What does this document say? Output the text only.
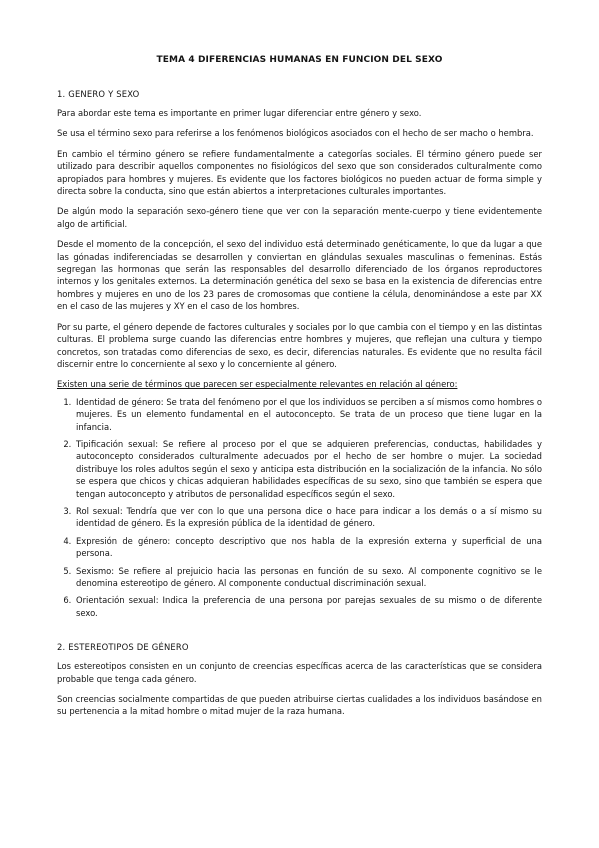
TEMA 4 DIFERENCIAS HUMANAS EN FUNCION DEL SEXO
1. GENERO Y SEXO

Para abordar este tema es importante en primer lugar diferenciar entre género y sexo.

Se usa el término sexo para referirse a los fenómenos biológicos asociados con el hecho de ser macho o hembra.

En cambio el término género se refiere fundamentalmente a categorías sociales. El término género puede ser utilizado para describir aquellos componentes no fisiológicos del sexo que son considerados culturalmente como apropiados para hombres y mujeres. Es evidente que los factores biológicos no pueden actuar de forma simple y directa sobre la conducta, sino que están abiertos a interpretaciones culturales importantes.

De algún modo la separación sexo-género tiene que ver con la separación mente-cuerpo y tiene evidentemente algo de artificial.

Desde el momento de la concepción, el sexo del individuo está determinado genéticamente, lo que da lugar a que las gónadas indiferenciadas se desarrollen y conviertan en glándulas sexuales masculinas o femeninas. Estás segregan las hormonas que serán las responsables del desarrollo diferenciado de los órganos reproductores internos y los genitales externos. La determinación genética del sexo se basa en la existencia de diferencias entre hombres y mujeres en uno de los 23 pares de cromosomas que contiene la célula, denominándose a este par XX en el caso de las mujeres y XY en el caso de los hombres.

Por su parte, el género depende de factores culturales y sociales por lo que cambia con el tiempo y en las distintas culturas. El problema surge cuando las diferencias entre hombres y mujeres, que reflejan una cultura y tiempo concretos, son tratadas como diferencias de sexo, es decir, diferencias naturales. Es evidente que no resulta fácil discernir entre lo concerniente al sexo y lo concerniente al género.

Existen una serie de términos que parecen ser especialmente relevantes en relación al género:

1. Identidad de género: Se trata del fenómeno por el que los individuos se perciben a sí mismos como hombres o mujeres. Es un elemento fundamental en el autoconcepto. Se trata de un proceso que tiene lugar en la infancia.
2. Tipificación sexual: Se refiere al proceso por el que se adquieren preferencias, conductas, habilidades y autoconcepto considerados culturalmente adecuados por el hecho de ser hombre o mujer. La sociedad distribuye los roles adultos según el sexo y anticipa esta distribución en la socialización de la infancia. No sólo se espera que chicos y chicas adquieran habilidades específicas de su sexo, sino que también se espera que tengan autoconcepto y atributos de personalidad específicos según el sexo.
3. Rol sexual: Tendría que ver con lo que una persona dice o hace para indicar a los demás o a sí mismo su identidad de género. Es la expresión pública de la identidad de género.
4. Expresión de género: concepto descriptivo que nos habla de la expresión externa y superficial de una persona.
5. Sexismo: Se refiere al prejuicio hacia las personas en función de su sexo. Al componente cognitivo se le denomina estereotipo de género. Al componente conductual discriminación sexual.
6. Orientación sexual: Indica la preferencia de una persona por parejas sexuales de su mismo o de diferente sexo.
2. ESTEREOTIPOS DE GÉNERO

Los estereotipos consisten en un conjunto de creencias específicas acerca de las características que se considera probable que tenga cada género.

Son creencias socialmente compartidas de que pueden atribuirse ciertas cualidades a los individuos basándose en su pertenencia a la mitad hombre o mitad mujer de la raza humana.
